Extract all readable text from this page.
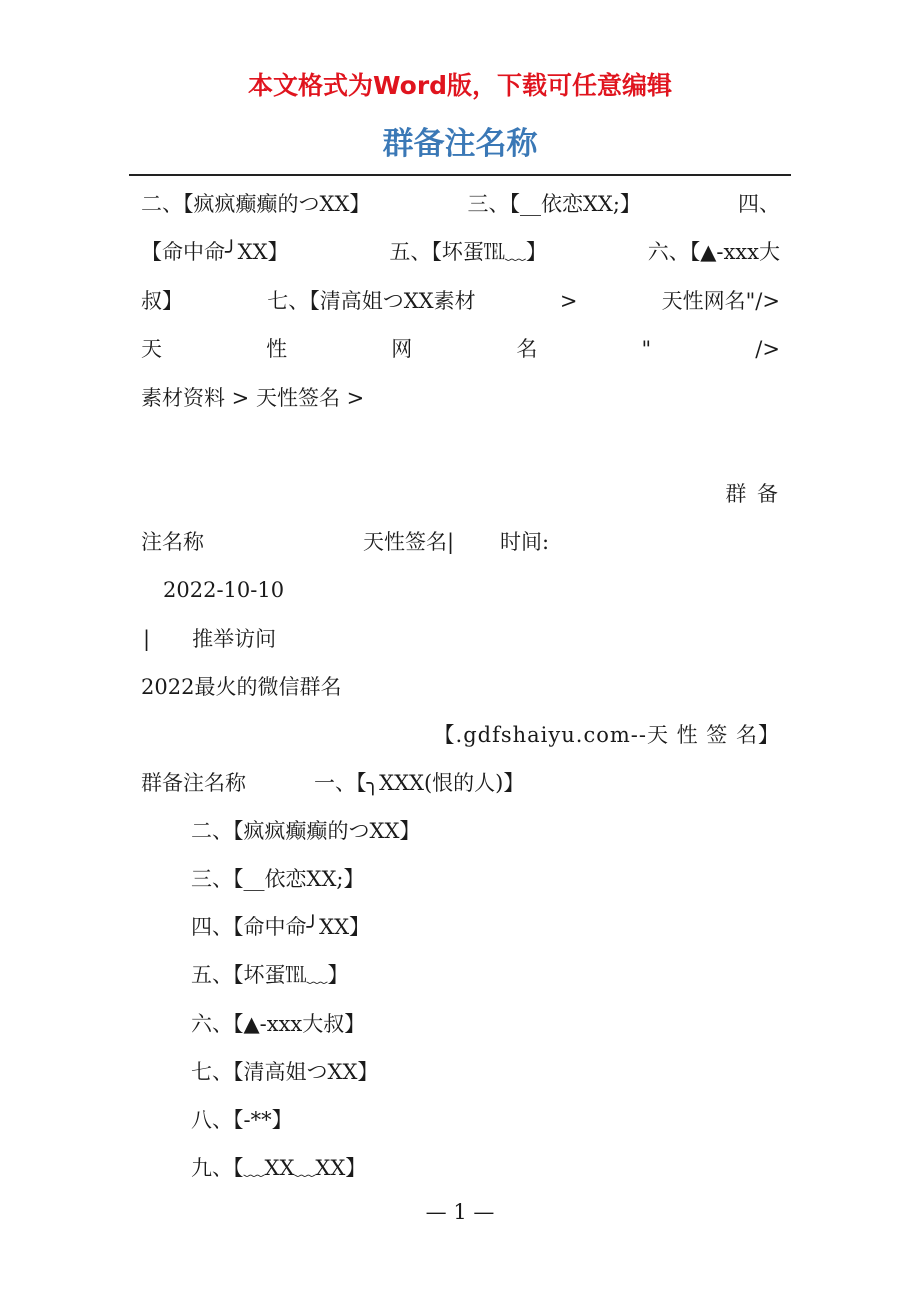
本文格式为Word版，下载可任意编辑
群备注名称
二、【疯疯癫癫的つXX】	三、【__依恋XX;】	四、
【命中命╯XX】	五、【坏蛋℡﹏】	六、【▲-xxx大
叔】	七、【清高姐つXX素材	>	天性网名"/>
天	性	网	名	"	/>
素材资料 > 天性签名 >
群 备
注名称	天性签名| 时间:
2022-10-10
|　　推举访问
2022最火的微信群名
【.gdfshaiyu.com--天 性 签 名】
群备注名称	一、【╮XXX(恨的人)】
二、【疯疯癫癫的つXX】
三、【__依恋XX;】
四、【命中命╯XX】
五、【坏蛋℡﹏】
六、【▲-xxx大叔】
七、【清高姐つXX】
八、【-**】
九、【﹏XX﹏XX】
— 1 —
